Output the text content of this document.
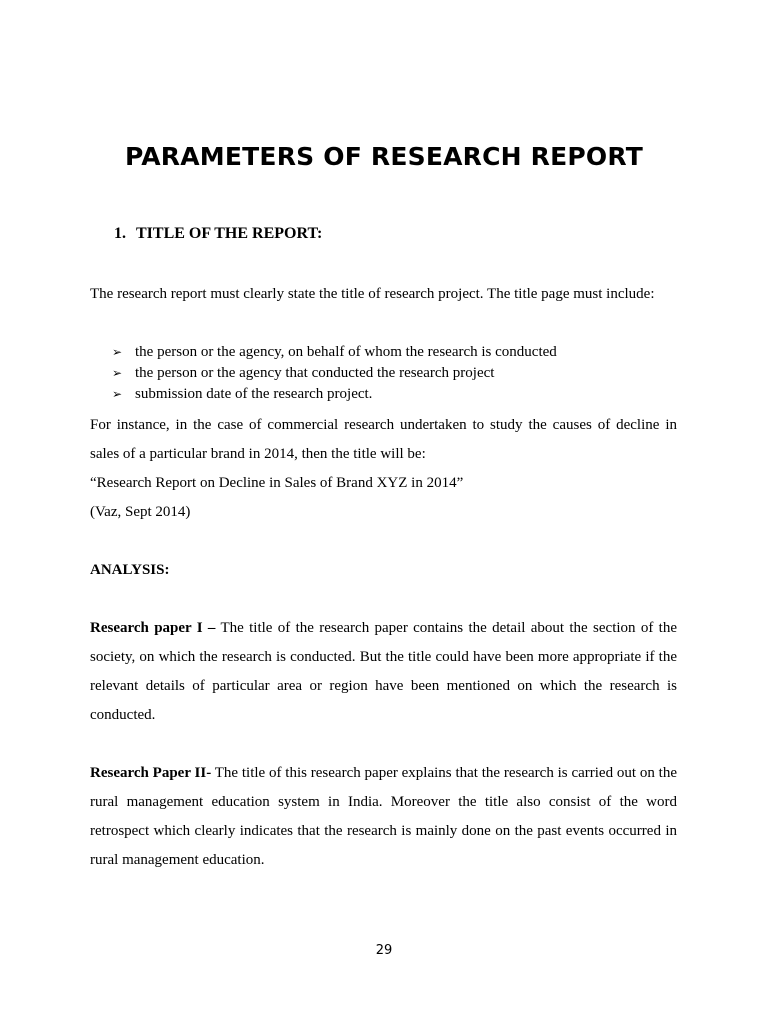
PARAMETERS OF RESEARCH REPORT
1. TITLE OF THE REPORT:

The research report must clearly state the title of research project. The title page must include:

➢ the person or the agency, on behalf of whom the research is conducted
➢ the person or the agency that conducted the research project
➢ submission date of the research project.

For instance, in the case of commercial research undertaken to study the causes of decline in sales of a particular brand in 2014, then the title will be:

“Research Report on Decline in Sales of Brand XYZ in 2014”

(Vaz, Sept 2014)

ANALYSIS:

Research paper I – The title of the research paper contains the detail about the section of the society, on which the research is conducted. But the title could have been more appropriate if the relevant details of particular area or region have been mentioned on which the research is conducted.

Research Paper II- The title of this research paper explains that the research is carried out on the rural management education system in India. Moreover the title also consist of the word retrospect which clearly indicates that the research is mainly done on the past events occurred in rural management education.

29
